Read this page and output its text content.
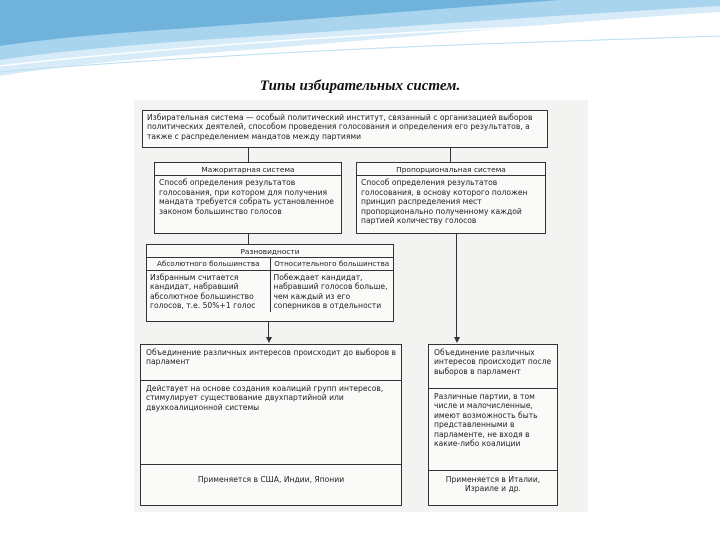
Типы избирательных систем.
Избирательная система — особый политический институт, связанный с организацией выборов политических деятелей, способом проведения голосования и определения его результатов, а также с распределением мандатов между партиями
Мажоритарная система
Способ определения результатов голосования, при котором для получения мандата требуется собрать установленное законом большинство голосов
Пропорциональная система
Способ определения результатов голосования, в основу которого положен принцип распределения мест пропорционально полученному каждой партией количеству голосов
Разновидности
Абсолютного большинства	Относительного большинства
Избранным считается кандидат, набравший абсолютное большинство голосов, т.е. 50%+1 голос
Побеждает кандидат, набравший голосов больше, чем каждый из его соперников в отдельности
Объединение различных интересов происходит до выборов в парламент
Действует на основе создания коалиций групп интересов, стимулирует существование двухпартийной или двухкоалиционной системы
Применяется в США, Индии, Японии
Объединение различных интересов происходит после выборов в парламент
Различные партии, в том числе и малочисленные, имеют возможность быть представленными в парламенте, не входя в какие-либо коалиции
Применяется в Италии, Израиле и др.
